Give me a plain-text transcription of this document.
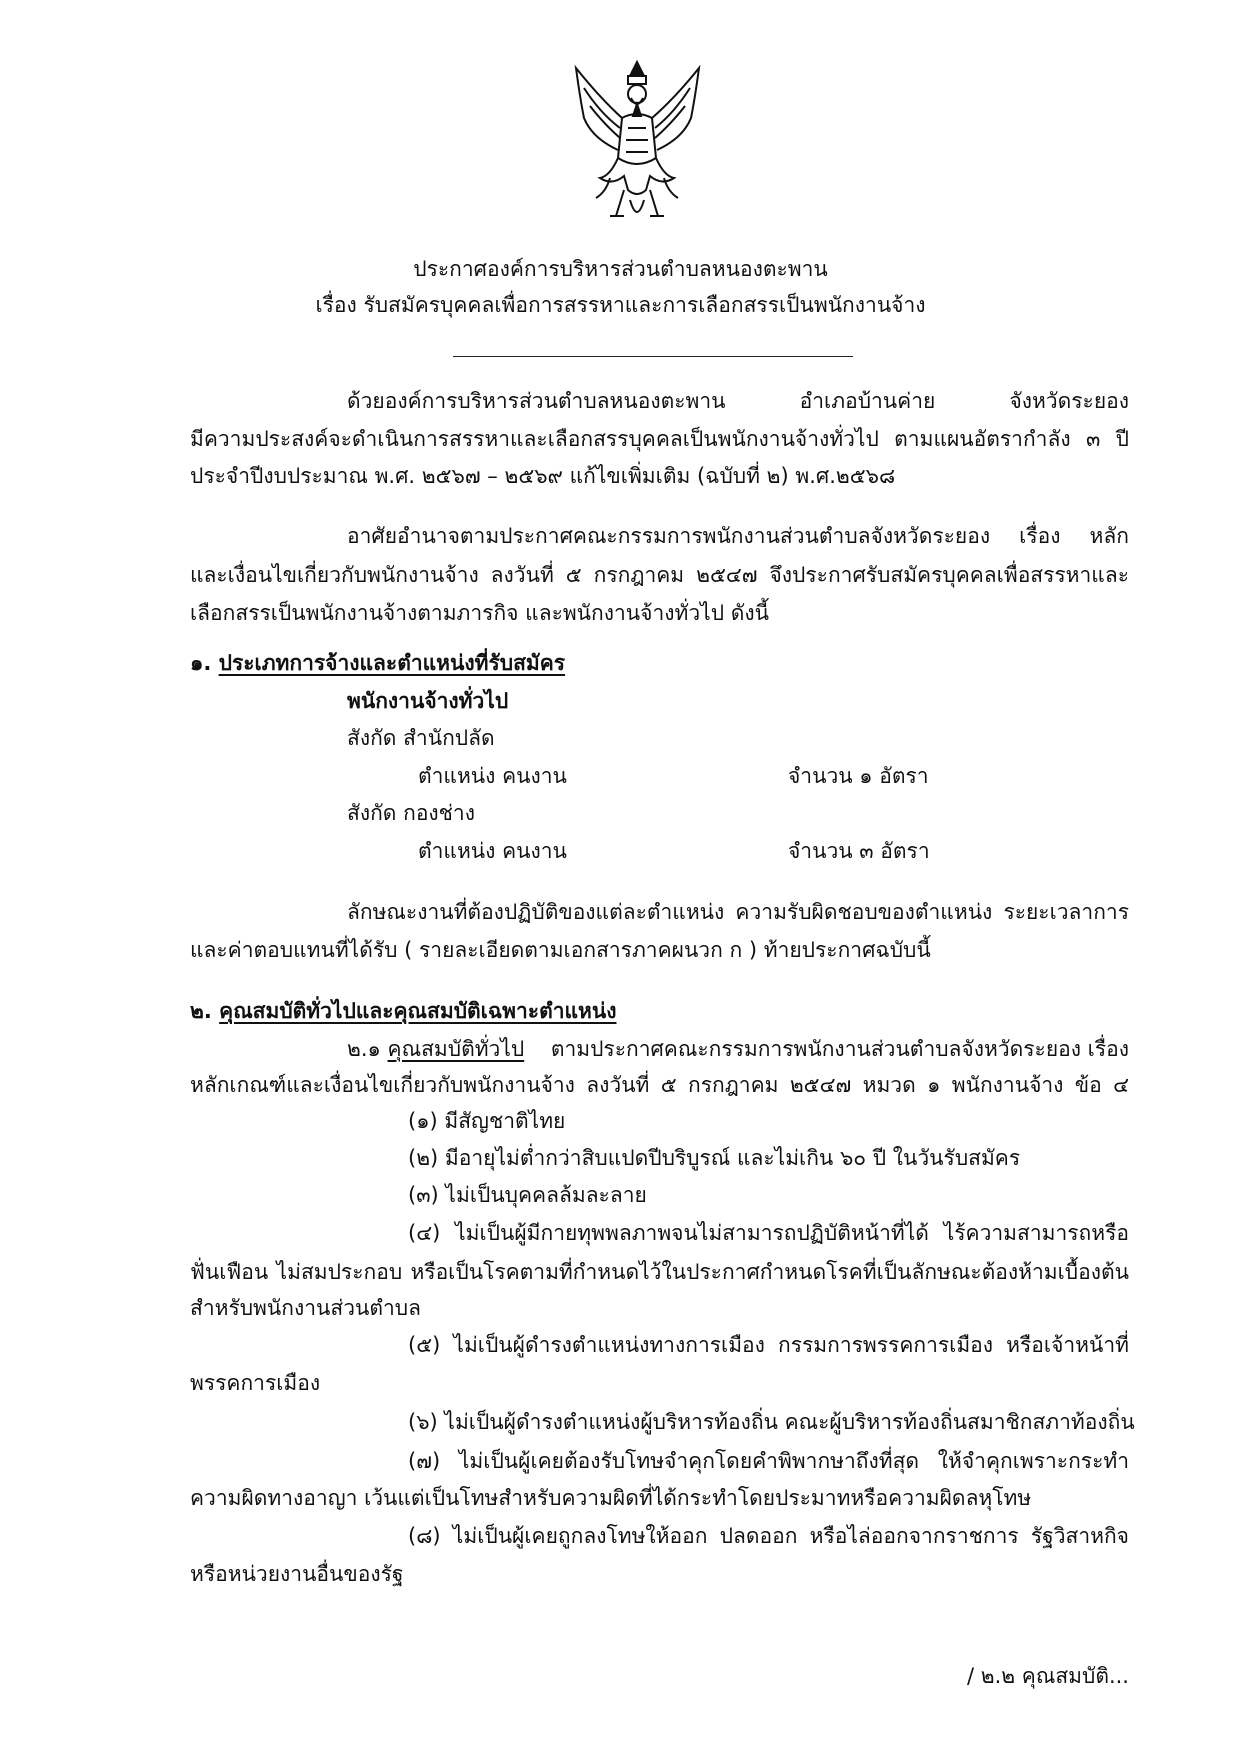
ประกาศองค์การบริหารส่วนตำบลหนองตะพาน
เรื่อง รับสมัครบุคคลเพื่อการสรรหาและการเลือกสรรเป็นพนักงานจ้าง
ด้วยองค์การบริหารส่วนตำบลหนองตะพาน อำเภอบ้านค่าย จังหวัดระยอง
มีความประสงค์จะดำเนินการสรรหาและเลือกสรรบุคคลเป็นพนักงานจ้างทั่วไป ตามแผนอัตรากำลัง ๓ ปี
ประจำปีงบประมาณ พ.ศ. ๒๕๖๗ – ๒๕๖๙ แก้ไขเพิ่มเติม (ฉบับที่ ๒) พ.ศ.๒๕๖๘
อาศัยอำนาจตามประกาศคณะกรรมการพนักงานส่วนตำบลจังหวัดระยอง เรื่อง หลัก
และเงื่อนไขเกี่ยวกับพนักงานจ้าง ลงวันที่ ๕ กรกฎาคม ๒๕๔๗ จึงประกาศรับสมัครบุคคลเพื่อสรรหาและ
เลือกสรรเป็นพนักงานจ้างตามภารกิจ และพนักงานจ้างทั่วไป ดังนี้
๑. ประเภทการจ้างและตำแหน่งที่รับสมัคร
พนักงานจ้างทั่วไป
สังกัด สำนักปลัด
ตำแหน่ง คนงาน	จำนวน ๑ อัตรา
สังกัด กองช่าง
ตำแหน่ง คนงาน	จำนวน ๓ อัตรา
ลักษณะงานที่ต้องปฏิบัติของแต่ละตำแหน่ง ความรับผิดชอบของตำแหน่ง ระยะเวลาการ
และค่าตอบแทนที่ได้รับ ( รายละเอียดตามเอกสารภาคผนวก ก ) ท้ายประกาศฉบับนี้
๒. คุณสมบัติทั่วไปและคุณสมบัติเฉพาะตำแหน่ง
๒.๑ คุณสมบัติทั่วไป ตามประกาศคณะกรรมการพนักงานส่วนตำบลจังหวัดระยอง เรื่อง
หลักเกณฑ์และเงื่อนไขเกี่ยวกับพนักงานจ้าง ลงวันที่ ๕ กรกฎาคม ๒๕๔๗ หมวด ๑ พนักงานจ้าง ข้อ ๔
(๑) มีสัญชาติไทย
(๒) มีอายุไม่ต่ำกว่าสิบแปดปีบริบูรณ์ และไม่เกิน ๖๐ ปี ในวันรับสมัคร
(๓) ไม่เป็นบุคคลล้มละลาย
(๔) ไม่เป็นผู้มีกายทุพพลภาพจนไม่สามารถปฏิบัติหน้าที่ได้ ไร้ความสามารถหรือ
ฟั่นเฟือน ไม่สมประกอบ หรือเป็นโรคตามที่กำหนดไว้ในประกาศกำหนดโรคที่เป็นลักษณะต้องห้ามเบื้องต้น
สำหรับพนักงานส่วนตำบล
(๕) ไม่เป็นผู้ดำรงตำแหน่งทางการเมือง กรรมการพรรคการเมือง หรือเจ้าหน้าที่
พรรคการเมือง
(๖) ไม่เป็นผู้ดำรงตำแหน่งผู้บริหารท้องถิ่น คณะผู้บริหารท้องถิ่นสมาชิกสภาท้องถิ่น
(๗) ไม่เป็นผู้เคยต้องรับโทษจำคุกโดยคำพิพากษาถึงที่สุด ให้จำคุกเพราะกระทำ
ความผิดทางอาญา เว้นแต่เป็นโทษสำหรับความผิดที่ได้กระทำโดยประมาทหรือความผิดลหุโทษ
(๘) ไม่เป็นผู้เคยถูกลงโทษให้ออก ปลดออก หรือไล่ออกจากราชการ รัฐวิสาหกิจ
หรือหน่วยงานอื่นของรัฐ
/ ๒.๒ คุณสมบัติ...
